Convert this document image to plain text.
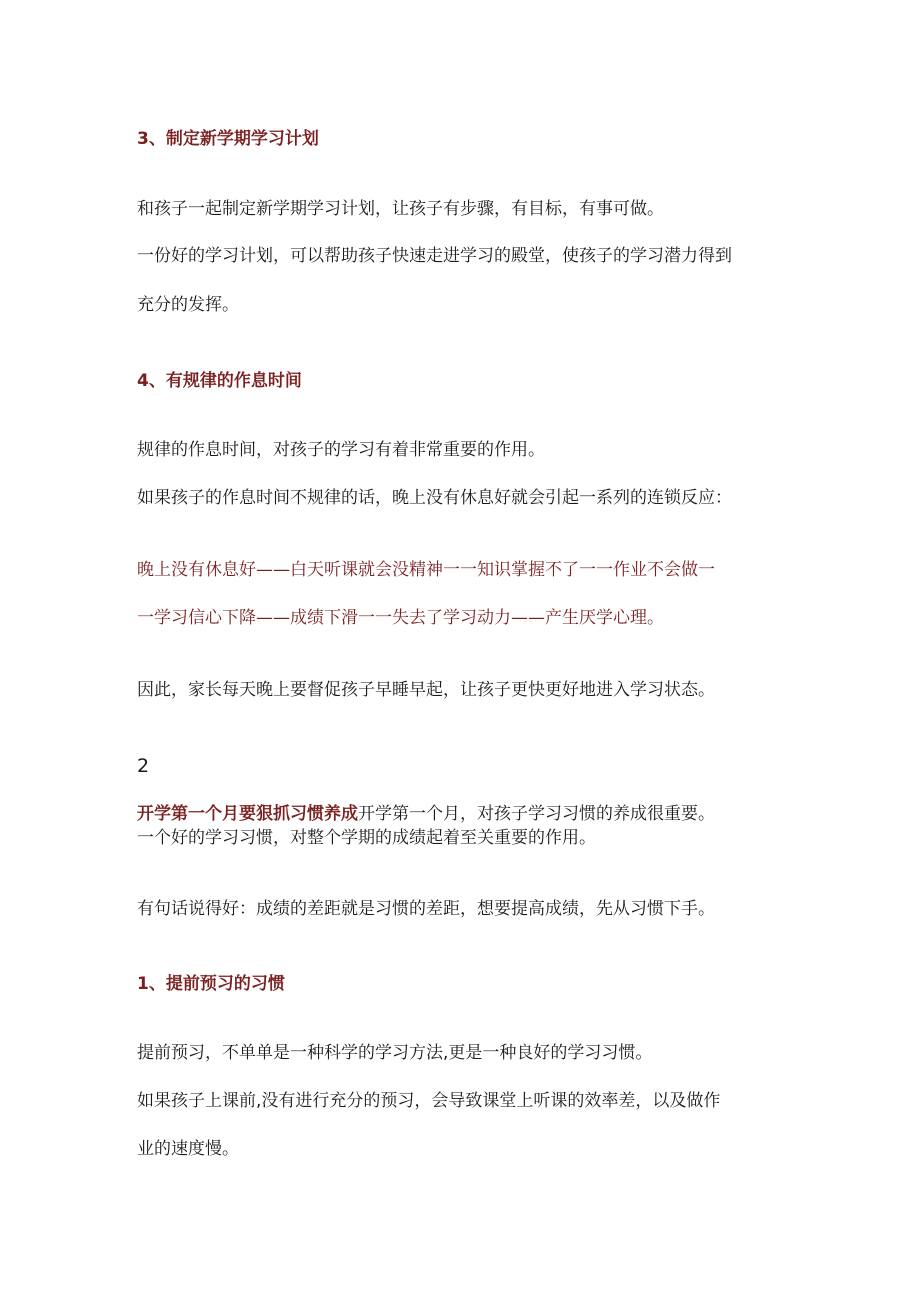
3、制定新学期学习计划
和孩子一起制定新学期学习计划，让孩子有步骤，有目标，有事可做。
一份好的学习计划，可以帮助孩子快速走进学习的殿堂，使孩子的学习潜力得到
充分的发挥。
4、有规律的作息时间
规律的作息时间，对孩子的学习有着非常重要的作用。
如果孩子的作息时间不规律的话，晚上没有休息好就会引起一系列的连锁反应：
晚上没有休息好——白天听课就会没精神一一知识掌握不了一一作业不会做一
一学习信心下降——成绩下滑一一失去了学习动力——产生厌学心理。
因此，家长每天晚上要督促孩子早睡早起，让孩子更快更好地进入学习状态。
2
开学第一个月要狠抓习惯养成开学第一个月，对孩子学习习惯的养成很重要。
一个好的学习习惯，对整个学期的成绩起着至关重要的作用。
有句话说得好：成绩的差距就是习惯的差距，想要提高成绩，先从习惯下手。
1、提前预习的习惯
提前预习，不单单是一种科学的学习方法,更是一种良好的学习习惯。
如果孩子上课前,没有进行充分的预习，会导致课堂上听课的效率差，以及做作
业的速度慢。
